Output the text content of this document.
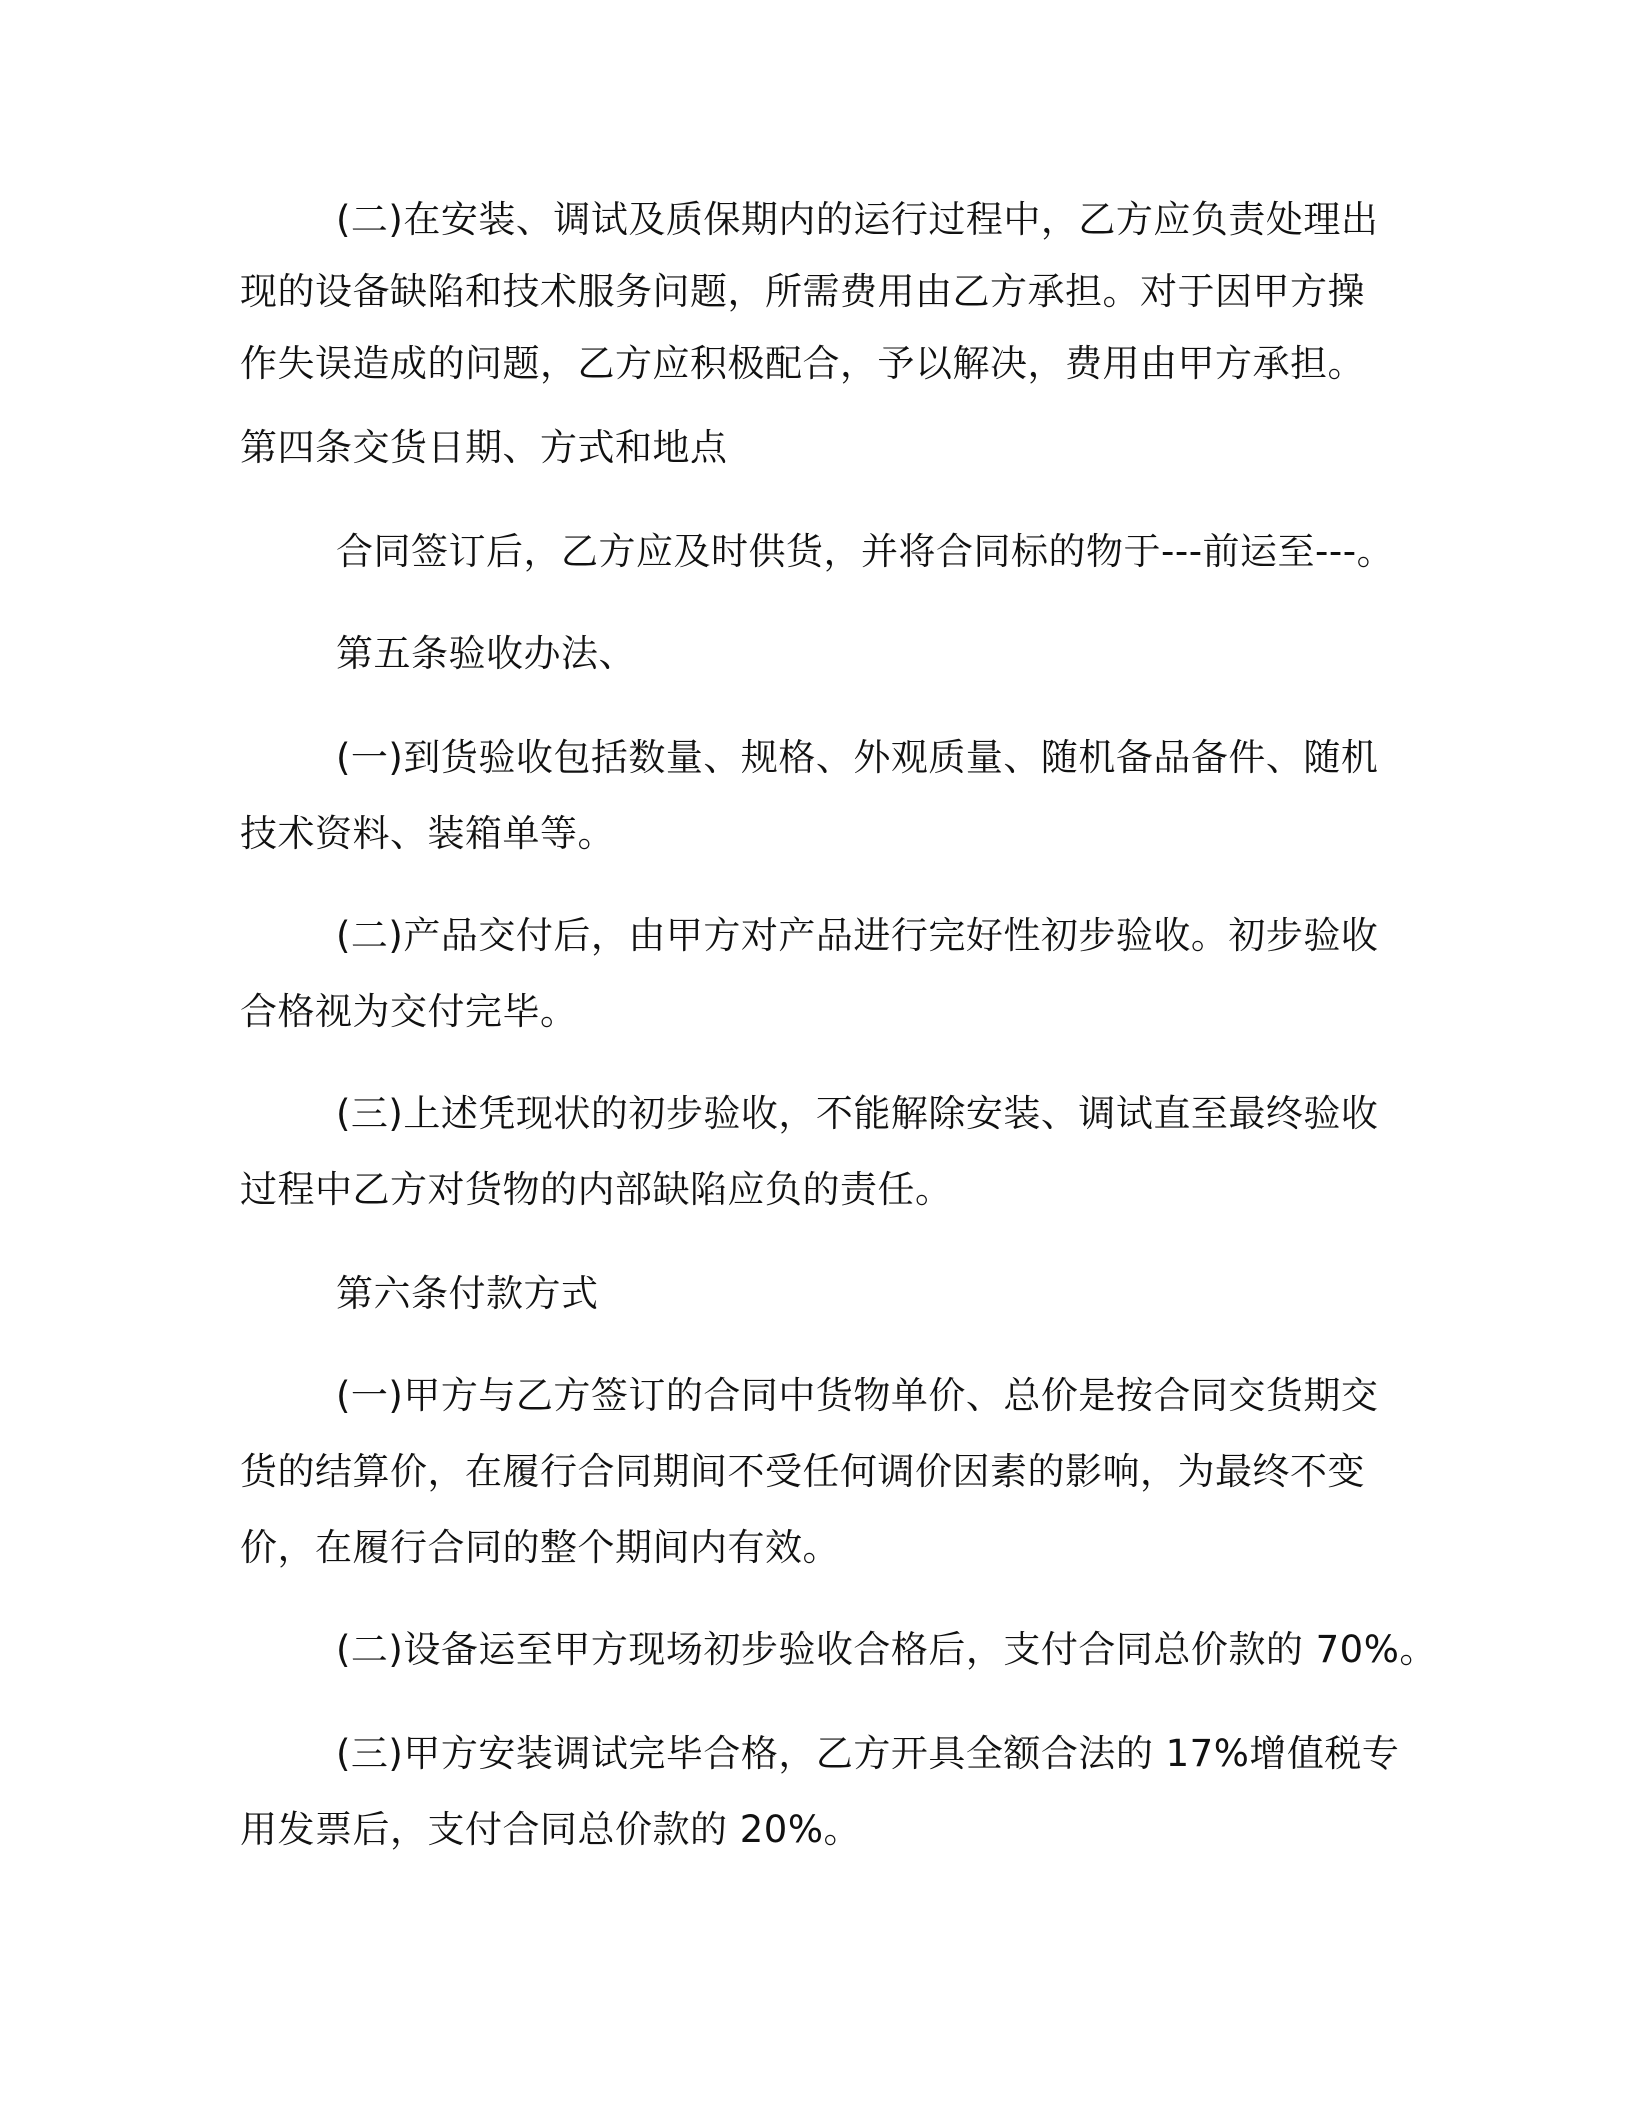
(二)在安装、调试及质保期内的运行过程中，乙方应负责处理出
现的设备缺陷和技术服务问题，所需费用由乙方承担。对于因甲方操
作失误造成的问题，乙方应积极配合，予以解决，费用由甲方承担。
第四条交货日期、方式和地点
合同签订后，乙方应及时供货，并将合同标的物于---前运至---。
第五条验收办法、
(一)到货验收包括数量、规格、外观质量、随机备品备件、随机
技术资料、装箱单等。
(二)产品交付后，由甲方对产品进行完好性初步验收。初步验收
合格视为交付完毕。
(三)上述凭现状的初步验收，不能解除安装、调试直至最终验收
过程中乙方对货物的内部缺陷应负的责任。
第六条付款方式
(一)甲方与乙方签订的合同中货物单价、总价是按合同交货期交
货的结算价，在履行合同期间不受任何调价因素的影响，为最终不变
价，在履行合同的整个期间内有效。
(二)设备运至甲方现场初步验收合格后，支付合同总价款的 70%。
(三)甲方安装调试完毕合格，乙方开具全额合法的 17%增值税专
用发票后，支付合同总价款的 20%。
